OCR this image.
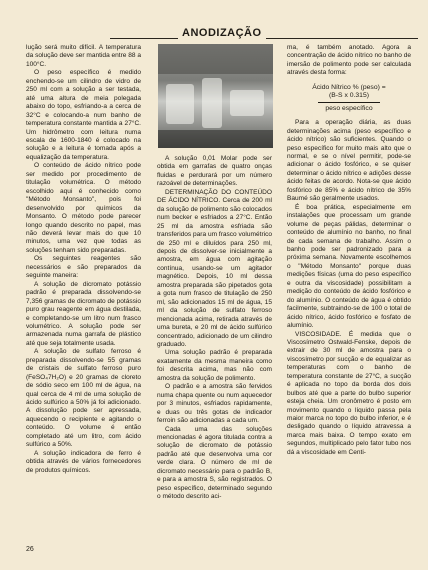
ANODIZAÇÃO

lução será muito difícil. A temperatura da solução deve ser mantida entre 88 a 100°C.

O peso específico é medido enchendo-se um cilindro de vidro de 250 ml com a solução a ser testada, até uma altura de meia polegada abaixo do topo, esfriando-a a cerca de 32°C e colocando-a num banho de temperatura constante mantida a 27°C. Um hidrômetro com leitura numa escala de 1600-1840 é colocado na solução e a leitura é tomada após a equalização da temperatura.

O conteúdo de ácido nítrico pode ser medido por procedimento de titulação volumétrica. O método escolhido aqui é conhecido como "Método Monsanto", pois foi desenvolvido por químicos da Monsanto. O método pode parecer longo quando descrito no papel, mas não deverá levar mais do que 10 minutos, uma vez que todas as soluções tenham sido preparadas.

Os seguintes reagentes são necessários e são preparados da seguinte maneira:

A solução de dicromato potássio padrão é preparada dissolvendo-se 7,356 gramas de dicromato de potássio puro grau reagente em água destilada, e completando-se um litro num frasco volumétrico. A solução pode ser armazenada numa garrafa de plástico até que seja totalmente usada.

A solução de sulfato ferroso é preparada dissolvendo-se 55 gramas de cristais de sulfato ferroso puro (FeSO₄7H₂O) e 20 gramas de cloreto de sódio seco em 100 ml de água, na qual cerca de 4 ml de uma solução de ácido sulfúrico a 50% já foi adicionado. A dissolução pode ser apressada, aquecendo o recipiente e agitando o conteúdo. O volume é então completado até um litro, com ácido sulfúrico a 50%.

A solução indicadora de ferro é obtida através de vários fornecedores de produtos químicos.

A solução 0,01 Molar pode ser obtida em garrafas de quatro onças fluidas e perdurará por um número razoável de determinações.

DETERMINAÇÃO DO CONTEÚDO DE ÁCIDO NÍTRICO. Cerca de 200 ml da solução de polimento são colocados num becker e esfriados a 27°C. Então 25 ml da amostra esfriada são transferidos para um frasco volumétrico de 250 ml e diluídos para 250 ml, depois de dissolver-se inicialmente a amostra, em água com agitação contínua, usando-se um agitador magnético. Depois, 10 ml dessa amostra preparada são pipetados gota a gota num frasco de titulação de 250 ml, são adicionados 15 ml de água, 15 ml da solução de sulfato ferroso mencionada acima, retirada através de uma bureta, e 20 ml de ácido sulfúrico concentrado, adicionado de um cilindro graduado.

Uma solução padrão é preparada exatamente da mesma maneira como foi descrita acima, mas não com amostra da solução de polimento.

O padrão e a amostra são fervidos numa chapa quente ou num aquecedor por 3 minutos, esfriados rapidamente, e duas ou três gotas de indicador ferroin são adicionadas a cada um.

Cada uma das soluções mencionadas é agora titulada contra a solução de dicromato de potássio padrão até que desenvolva uma cor verde clara. O número de ml de dicromato necessário para o padrão B, e para a amostra S, são registrados. O peso específico, determinado segundo o método descrito aci-

ma, é também anotado. Agora a concentração de ácido nítrico no banho de imersão de polimento pode ser calculada através desta forma:

Ácido Nítrico % (peso) =
(B-S x 0.315)
peso específico

Para a operação diária, as duas determinações acima (peso específico e ácido nítrico) são suficientes. Quando o peso específico for muito mais alto que o normal, e se o nível permitir, pode-se adicionar o ácido fosfórico, e se quiser determinar o ácido nítrico e adições desse ácido feitas de acordo. Nota-se que ácido fosfórico de 85% e ácido nítrico de 35% Baumé são geralmente usados.

É boa prática, especialmente em instalações que processam um grande volume de peças pálidas, determinar o conteúdo de alumínio no banho, no final de cada semana de trabalho. Assim o banho pode ser padronizado para a próxima semana. Novamente escolhemos o "Método Monsanto" porque duas medições físicas (uma do peso específico e outra da viscosidade) possibilitam a medição do conteúdo de ácido fosfórico e do alumínio. O conteúdo de água é obtido facilmente, subtraindo-se de 100 o total de ácido nítrico, ácido fosfórico e fosfato de alumínio.

VISCOSIDADE. É medida que o Viscosímetro Ostwald-Fenske, depois de extrair de 30 ml de amostra para o viscosímetro por sucção e de equalizar as temperaturas com o banho de temperatura constante de 27°C, a sucção é aplicada no topo da borda dos dois bulbos até que a parte do bulbo superior esteja cheia. Um cronômetro é posto em movimento quando o líquido passa pela maior marca no topo do bulbo inferior, e é desligado quando o líquido atravessa a marca mais baixa. O tempo exato em segundos, multiplicado pelo fator tubo nos dá a viscosidade em Centi-

26
